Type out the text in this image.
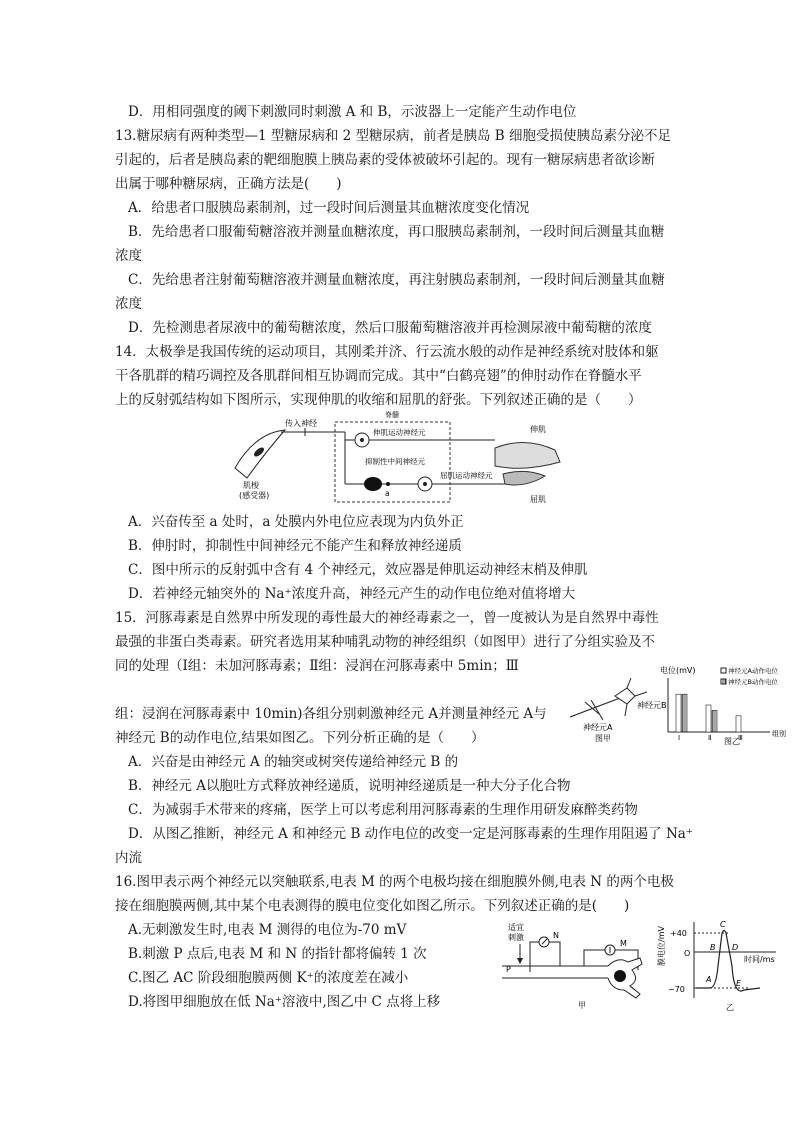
D．用相同强度的阈下刺激同时刺激 A 和 B，示波器上一定能产生动作电位
13.糖尿病有两种类型—1 型糖尿病和 2 型糖尿病，前者是胰岛 B 细胞受损使胰岛素分泌不足
引起的，后者是胰岛素的靶细胞膜上胰岛素的受体被破坏引起的。现有一糖尿病患者欲诊断
出属于哪种糖尿病，正确方法是(　　)
A．给患者口服胰岛素制剂，过一段时间后测量其血糖浓度变化情况
B．先给患者口服葡萄糖溶液并测量血糖浓度，再口服胰岛素制剂，一段时间后测量其血糖
浓度
C．先给患者注射葡萄糖溶液并测量血糖浓度，再注射胰岛素制剂，一段时间后测量其血糖
浓度
D．先检测患者尿液中的葡萄糖浓度，然后口服葡萄糖溶液并再检测尿液中葡萄糖的浓度
14．太极拳是我国传统的运动项目，其刚柔并济、行云流水般的动作是神经系统对肢体和躯
干各肌群的精巧调控及各肌群间相互协调而完成。其中“白鹤亮翅”的伸肘动作在脊髓水平
上的反射弧结构如下图所示，实现伸肌的收缩和屈肌的舒张。下列叙述正确的是（　　）
肌梭
(感受器)
传入神经
脊髓
伸肌运动神经元
抑制性中间神经元
a
屈肌运动神经元
伸肌
屈肌
A．兴奋传至 a 处时，a 处膜内外电位应表现为内负外正
B．伸肘时，抑制性中间神经元不能产生和释放神经递质
C．图中所示的反射弧中含有 4 个神经元，效应器是伸肌运动神经末梢及伸肌
D．若神经元轴突外的 Na⁺浓度升高，神经元产生的动作电位绝对值将增大
15．河豚毒素是自然界中所发现的毒性最大的神经毒素之一，曾一度被认为是自然界中毒性
最强的非蛋白类毒素。研究者选用某种哺乳动物的神经组织（如图甲）进行了分组实验及不
同的处理（Ⅰ组：未加河豚毒素；Ⅱ组：浸润在河豚毒素中 5min；Ⅲ
组：浸润在河豚毒素中 10min)各组分别刺激神经元 A并测量神经元 A与
神经元 B的动作电位,结果如图乙。下列分析正确的是（　　）
神经元B
神经元A
图甲
电位(mV)
组别
图乙
Ⅰ	Ⅱ	Ⅲ
神经元A动作电位
神经元B动作电位
A．兴奋是由神经元 A 的轴突或树突传递给神经元 B 的
B．神经元 A以胞吐方式释放神经递质，说明神经递质是一种大分子化合物
C．为减弱手术带来的疼痛，医学上可以考虑利用河豚毒素的生理作用研发麻醉类药物
D．从图乙推断，神经元 A 和神经元 B 动作电位的改变一定是河豚毒素的生理作用阻遏了 Na⁺
内流
16.图甲表示两个神经元以突触联系,电表 M 的两个电极均接在细胞膜外侧,电表 N 的两个电极
接在细胞膜两侧,其中某个电表测得的膜电位变化如图乙所示。下列叙述正确的是(　　)
A.无刺激发生时,电表 M 测得的电位为-70 mV
B.刺激 P 点后,电表 M 和 N 的指针都将偏转 1 次
C.图乙 AC 阶段细胞膜两侧 K⁺的浓度差在减小
D.将图甲细胞放在低 Na⁺溶液中,图乙中 C 点将上移
适宜
刺激
P
N
M
甲
膜电位/mV +40
O
−70
时间/ms
A
B
C
D
E
乙
